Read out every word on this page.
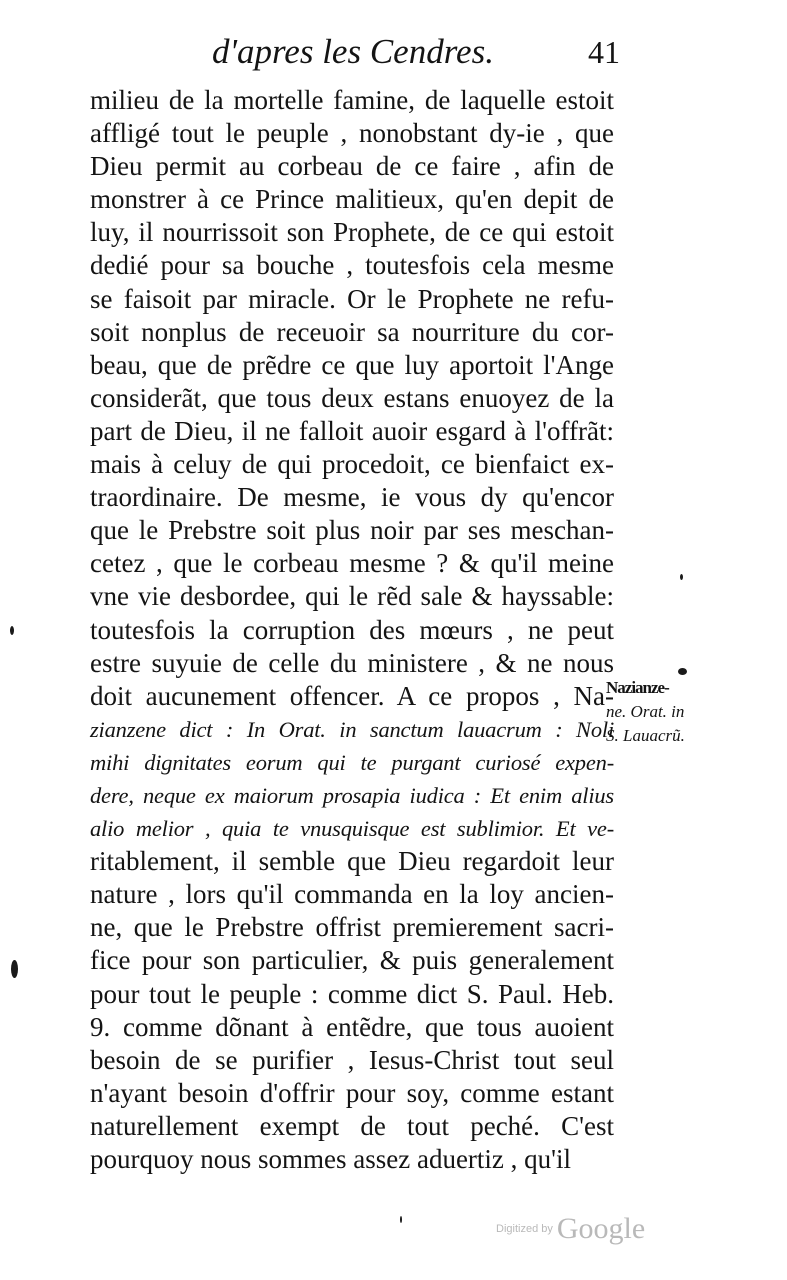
d'apres les Cendres.	41
milieu de la mortelle famine, de laquelle estoit
affligé tout le peuple , nonobstant dy-ie , que
Dieu permit au corbeau de ce faire , afin de
monstrer à ce Prince malitieux, qu'en depit de
luy, il nourrissoit son Prophete, de ce qui estoit
dedié pour sa bouche , toutesfois cela mesme
se faisoit par miracle. Or le Prophete ne refu-
soit nonplus de receuoir sa nourriture du cor-
beau, que de prẽdre ce que luy aportoit l'Ange
considerãt, que tous deux estans enuoyez de la
part de Dieu, il ne falloit auoir esgard à l'offrãt:
mais à celuy de qui procedoit, ce bienfaict ex-
traordinaire. De mesme, ie vous dy qu'encor
que le Prebstre soit plus noir par ses meschan-
cetez , que le corbeau mesme ? & qu'il meine
vne vie desbordee, qui le rẽd sale & hayssable:
toutesfois la corruption des mœurs , ne peut
estre suyuie de celle du ministere , & ne nous
doit aucunement offencer. A ce propos , Na-
zianzene dict : In Orat. in sanctum lauacrum : Noli
mihi dignitates eorum qui te purgant curiosé expen-
dere, neque ex maiorum prosapia iudica : Et enim alius
alio melior , quia te vnusquisque est sublimior. Et ve-
ritablement, il semble que Dieu regardoit leur
nature , lors qu'il commanda en la loy ancien-
ne, que le Prebstre offrist premierement sacri-
fice pour son particulier, & puis generalement
pour tout le peuple : comme dict S. Paul. Heb.
9. comme dõnant à entẽdre, que tous auoient
besoin de se purifier , Iesus-Christ tout seul
n'ayant besoin d'offrir pour soy, comme estant
naturellement exempt de tout peché. C'est
pourquoy nous sommes assez aduertiz , qu'il
Nazianze-
ne. Orat. in
S. Lauacrũ.
Digitized by Google
